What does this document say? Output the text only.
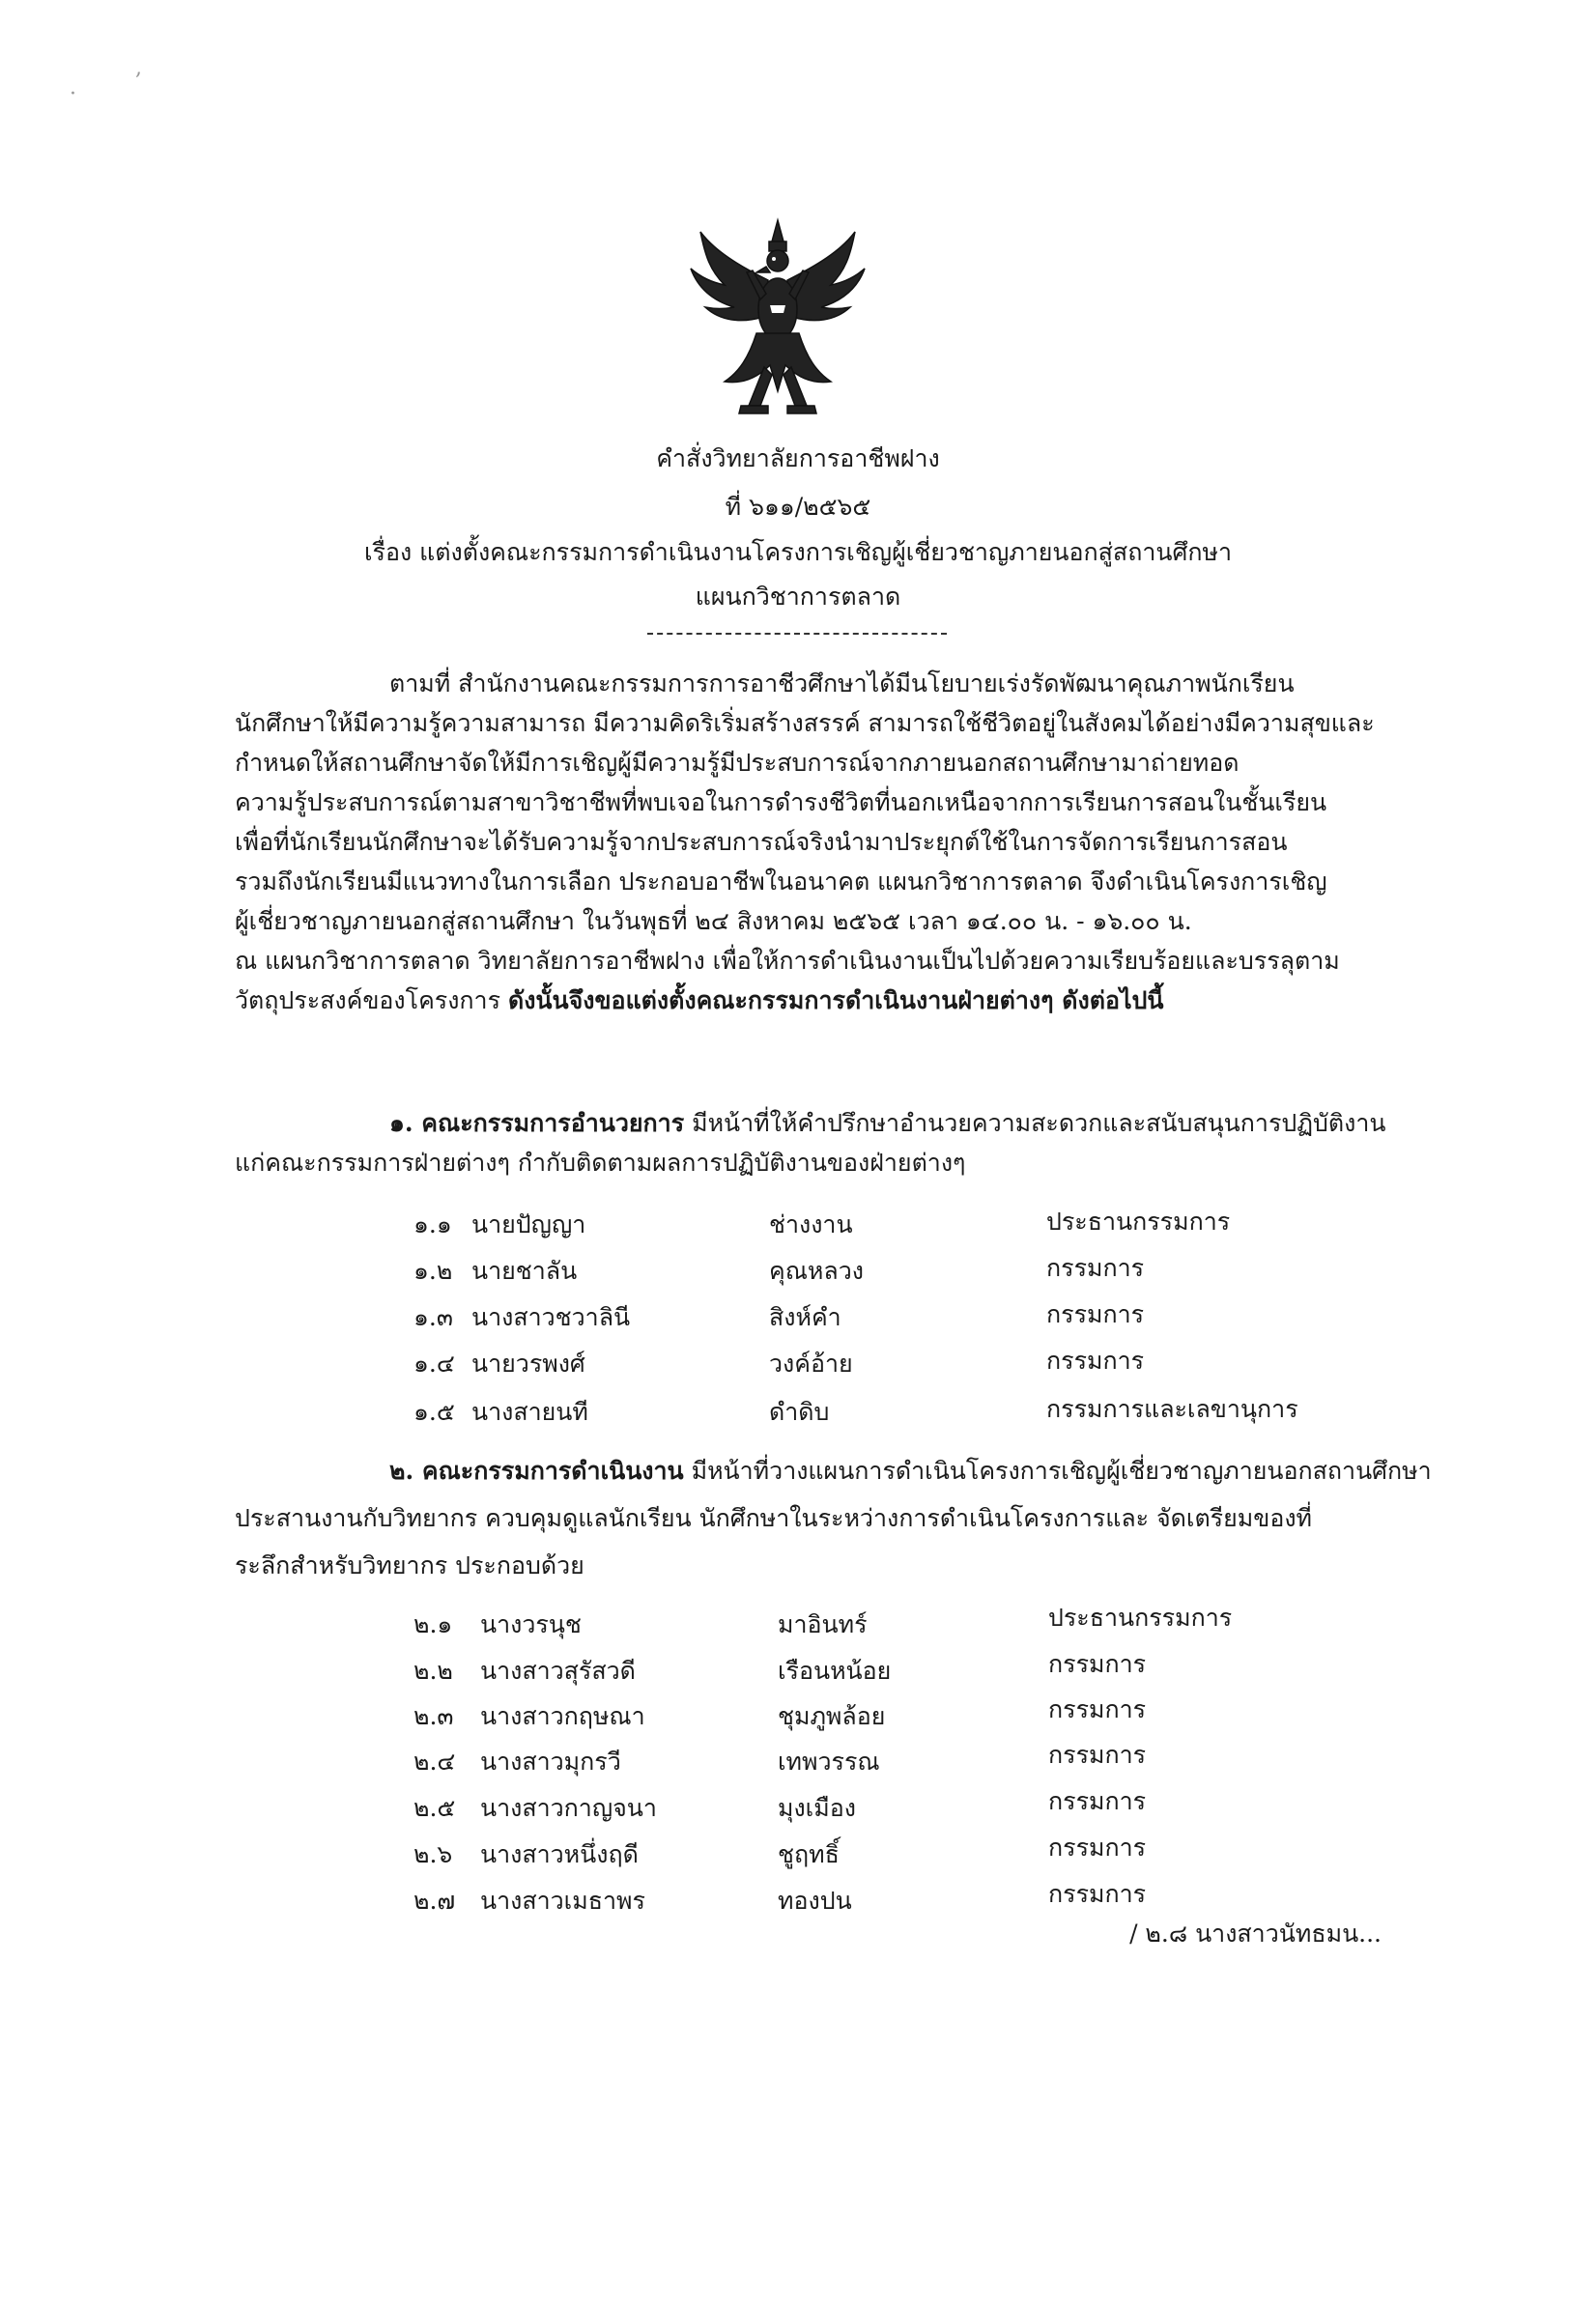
,
·
คำสั่งวิทยาลัยการอาชีพฝาง
ที่ ๖๑๑/๒๕๖๕
เรื่อง แต่งตั้งคณะกรรมการดำเนินงานโครงการเชิญผู้เชี่ยวชาญภายนอกสู่สถานศึกษา
แผนกวิชาการตลาด
ตามที่ สำนักงานคณะกรรมการการอาชีวศึกษาได้มีนโยบายเร่งรัดพัฒนาคุณภาพนักเรียน
นักศึกษาให้มีความรู้ความสามารถ มีความคิดริเริ่มสร้างสรรค์ สามารถใช้ชีวิตอยู่ในสังคมได้อย่างมีความสุขและ
กำหนดให้สถานศึกษาจัดให้มีการเชิญผู้มีความรู้มีประสบการณ์จากภายนอกสถานศึกษามาถ่ายทอด
ความรู้ประสบการณ์ตามสาขาวิชาชีพที่พบเจอในการดำรงชีวิตที่นอกเหนือจากการเรียนการสอนในชั้นเรียน
เพื่อที่นักเรียนนักศึกษาจะได้รับความรู้จากประสบการณ์จริงนำมาประยุกต์ใช้ในการจัดการเรียนการสอน
รวมถึงนักเรียนมีแนวทางในการเลือก ประกอบอาชีพในอนาคต แผนกวิชาการตลาด จึงดำเนินโครงการเชิญ
ผู้เชี่ยวชาญภายนอกสู่สถานศึกษา ในวันพุธที่ ๒๔ สิงหาคม ๒๕๖๕ เวลา ๑๔.๐๐ น. - ๑๖.๐๐ น.
ณ แผนกวิชาการตลาด วิทยาลัยการอาชีพฝาง เพื่อให้การดำเนินงานเป็นไปด้วยความเรียบร้อยและบรรลุตาม
วัตถุประสงค์ของโครงการ ดังนั้นจึงขอแต่งตั้งคณะกรรมการดำเนินงานฝ่ายต่างๆ ดังต่อไปนี้
๑. คณะกรรมการอำนวยการ มีหน้าที่ให้คำปรึกษาอำนวยความสะดวกและสนับสนุนการปฏิบัติงาน
แก่คณะกรรมการฝ่ายต่างๆ กำกับติดตามผลการปฏิบัติงานของฝ่ายต่างๆ
๑.๑ นายปัญญา	ช่างงาน	ประธานกรรมการ
๑.๒ นายชาลัน	คุณหลวง	กรรมการ
๑.๓ นางสาวชวาลินี	สิงห์คำ	กรรมการ
๑.๔ นายวรพงศ์	วงค์อ้าย	กรรมการ
๑.๕ นางสายนที	ดำดิบ	กรรมการและเลขานุการ
๒. คณะกรรมการดำเนินงาน มีหน้าที่วางแผนการดำเนินโครงการเชิญผู้เชี่ยวชาญภายนอกสถานศึกษา
ประสานงานกับวิทยากร ควบคุมดูแลนักเรียน นักศึกษาในระหว่างการดำเนินโครงการและ จัดเตรียมของที่
ระลึกสำหรับวิทยากร ประกอบด้วย
๒.๑ นางวรนุช	มาอินทร์	ประธานกรรมการ
๒.๒ นางสาวสุรัสวดี	เรือนหน้อย	กรรมการ
๒.๓ นางสาวกฤษณา	ชุมภูพล้อย	กรรมการ
๒.๔ นางสาวมุกรวี	เทพวรรณ	กรรมการ
๒.๕ นางสาวกาญจนา	มุงเมือง	กรรมการ
๒.๖ นางสาวหนึ่งฤดี	ชูฤทธิ์	กรรมการ
๒.๗ นางสาวเมธาพร	ทองปน	กรรมการ
/ ๒.๘ นางสาวนัทธมน...
